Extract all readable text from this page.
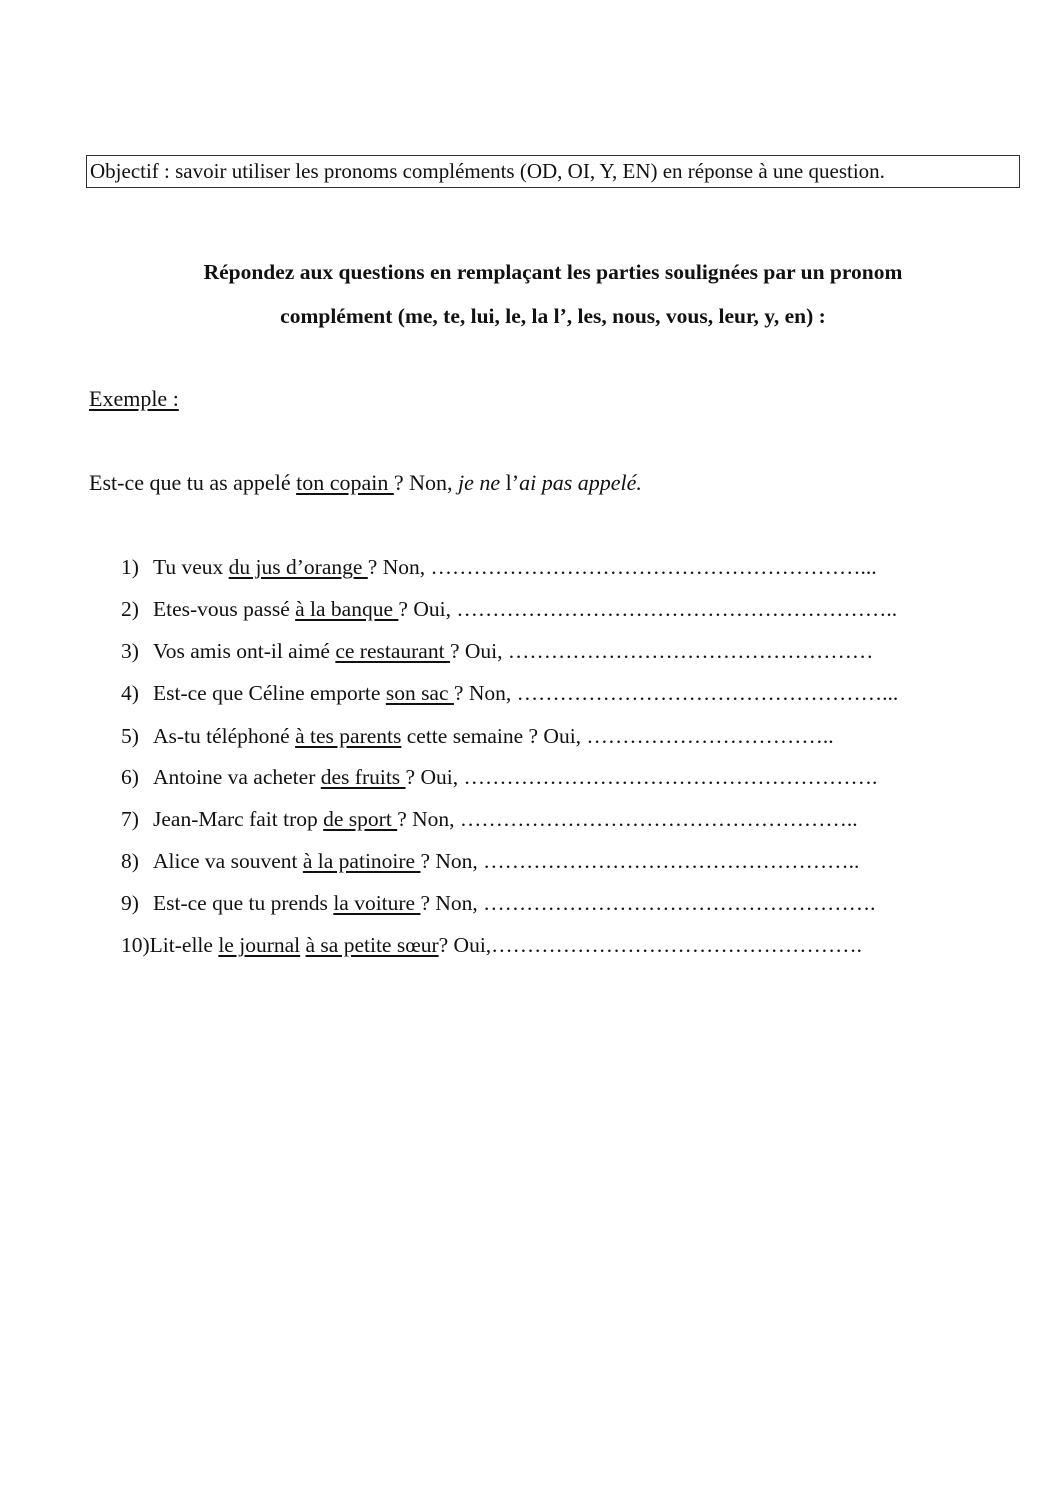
Objectif : savoir utiliser les pronoms compléments (OD, OI, Y, EN) en réponse à une question.
Répondez aux questions en remplaçant les parties soulignées par un pronom
complément (me, te, lui, le, la l’, les, nous, vous, leur, y, en) :
Exemple :
Est-ce que tu as appelé ton copain ? Non, je ne l’ai pas appelé.
1) Tu veux du jus d’orange ? Non, ……………………………………………………...
2) Etes-vous passé à la banque ? Oui, ……………………………………………………..
3) Vos amis ont-il aimé ce restaurant ? Oui, ……………………………………………
4) Est-ce que Céline emporte son sac ? Non, ……………………………………………...
5) As-tu téléphoné à tes parents cette semaine ? Oui, ……………………………..
6) Antoine va acheter des fruits ? Oui, ………………………………………………….
7) Jean-Marc fait trop de sport ? Non, ………………………………………………..
8) Alice va souvent à la patinoire ? Non, ……………………………………………..
9) Est-ce que tu prends la voiture ? Non, ……………………………………………….
10)Lit-elle le journal à sa petite sœur? Oui,…………………………………………….
